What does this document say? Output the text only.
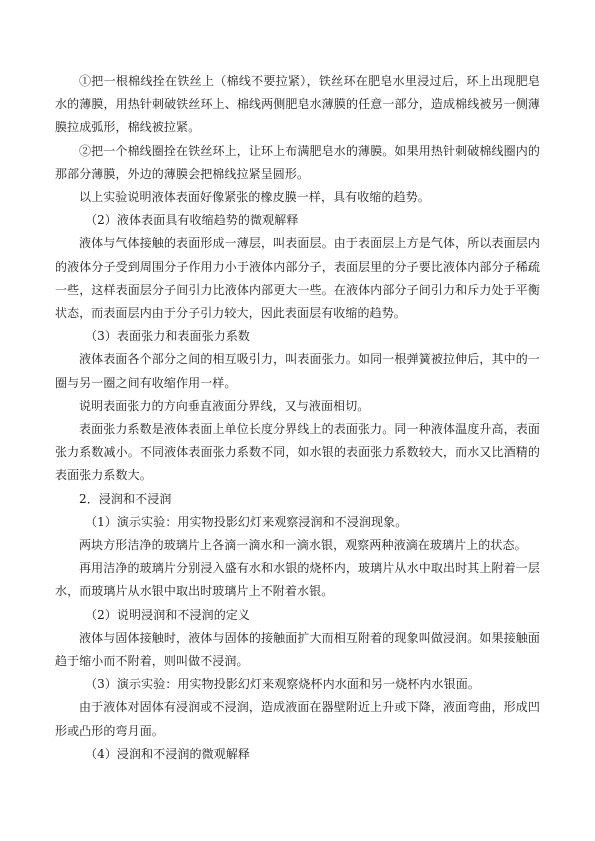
①把一根棉线拴在铁丝上（棉线不要拉紧），铁丝环在肥皂水里浸过后，环上出现肥皂水的薄膜，用热针刺破铁丝环上、棉线两侧肥皂水薄膜的任意一部分，造成棉线被另一侧薄膜拉成弧形，棉线被拉紧。

②把一个棉线圈拴在铁丝环上，让环上布满肥皂水的薄膜。如果用热针刺破棉线圈内的那部分薄膜，外边的薄膜会把棉线拉紧呈圆形。

以上实验说明液体表面好像紧张的橡皮膜一样，具有收缩的趋势。

（2）液体表面具有收缩趋势的微观解释

液体与气体接触的表面形成一薄层，叫表面层。由于表面层上方是气体，所以表面层内的液体分子受到周围分子作用力小于液体内部分子，表面层里的分子要比液体内部分子稀疏一些，这样表面层分子间引力比液体内部更大一些。在液体内部分子间引力和斥力处于平衡状态，而表面层内由于分子引力较大，因此表面层有收缩的趋势。

（3）表面张力和表面张力系数

液体表面各个部分之间的相互吸引力，叫表面张力。如同一根弹簧被拉伸后，其中的一圈与另一圈之间有收缩作用一样。

说明表面张力的方向垂直液面分界线，又与液面相切。

表面张力系数是液体表面上单位长度分界线上的表面张力。同一种液体温度升高，表面张力系数减小。不同液体表面张力系数不同，如水银的表面张力系数较大，而水又比酒精的表面张力系数大。

2．浸润和不浸润

（1）演示实验：用实物投影幻灯来观察浸润和不浸润现象。

两块方形洁净的玻璃片上各滴一滴水和一滴水银，观察两种液滴在玻璃片上的状态。

再用洁净的玻璃片分别浸入盛有水和水银的烧杯内，玻璃片从水中取出时其上附着一层水，而玻璃片从水银中取出时玻璃片上不附着水银。

（2）说明浸润和不浸润的定义

液体与固体接触时，液体与固体的接触面扩大而相互附着的现象叫做浸润。如果接触面趋于缩小而不附着，则叫做不浸润。

（3）演示实验：用实物投影幻灯来观察烧杯内水面和另一烧杯内水银面。

由于液体对固体有浸润或不浸润，造成液面在器壁附近上升或下降，液面弯曲，形成凹形或凸形的弯月面。

（4）浸润和不浸润的微观解释
